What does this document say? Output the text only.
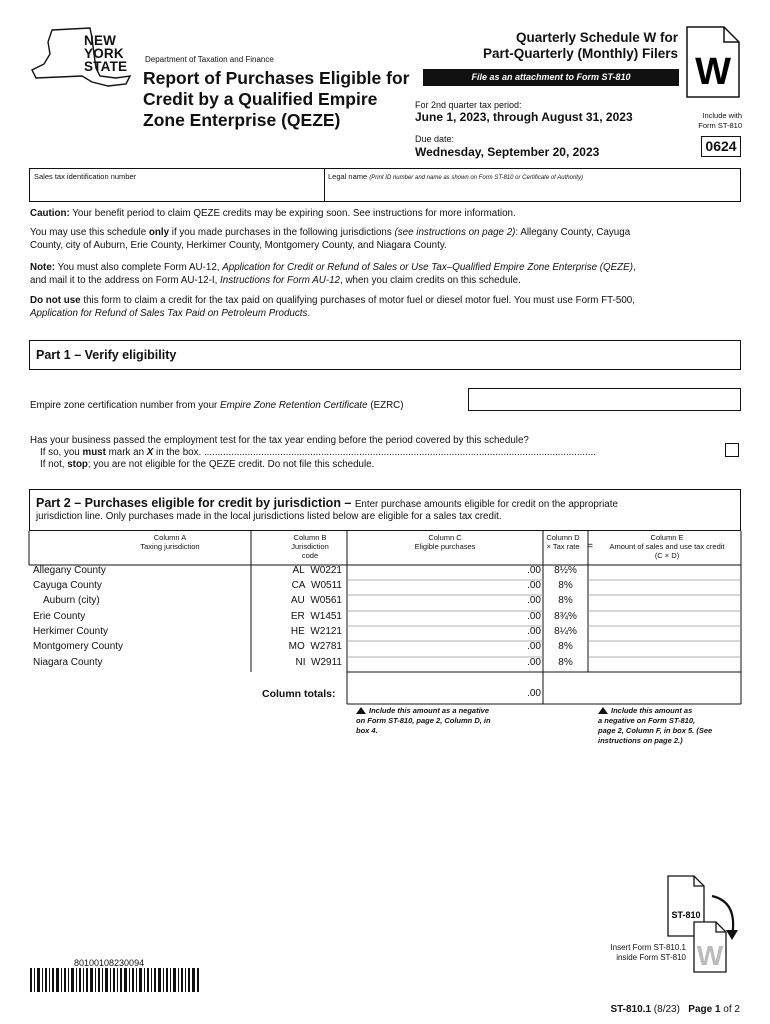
NEW
YORK
STATE Department of Taxation and Finance
Report of Purchases Eligible for
Credit by a Qualified Empire
Zone Enterprise (QEZE)
Quarterly Schedule W for
Part-Quarterly (Monthly) Filers
File as an attachment to Form ST-810
For 2nd quarter tax period:
June 1, 2023, through August 31, 2023
Due date:
Wednesday, September 20, 2023
W
Include with
Form ST-810
0624
Sales tax identification number	Legal name (Print ID number and name as shown on Form ST-810 or Certificate of Authority)
Caution: Your benefit period to claim QEZE credits may be expiring soon. See instructions for more information.
You may use this schedule only if you made purchases in the following jurisdictions (see instructions on page 2): Allegany County, Cayuga
County, city of Auburn, Erie County, Herkimer County, Montgomery County, and Niagara County.
Note: You must also complete Form AU-12, Application for Credit or Refund of Sales or Use Tax–Qualified Empire Zone Enterprise (QEZE),
and mail it to the address on Form AU-12-I, Instructions for Form AU-12, when you claim credits on this schedule.
Do not use this form to claim a credit for the tax paid on qualifying purchases of motor fuel or diesel motor fuel. You must use Form FT-500,
Application for Refund of Sales Tax Paid on Petroleum Products.
Part 1 – Verify eligibility
Empire zone certification number from your Empire Zone Retention Certificate (EZRC)
Has your business passed the employment test for the tax year ending before the period covered by this schedule?
If so, you must mark an X in the box. ................................................................................................................................................
If not, stop; you are not eligible for the QEZE credit. Do not file this schedule.
Part 2 – Purchases eligible for credit by jurisdiction – Enter purchase amounts eligible for credit on the appropriate
jurisdiction line. Only purchases made in the local jurisdictions listed below are eligible for a sales tax credit.
Column A
Taxing jurisdiction
Column B
Jurisdiction
code
Column C
Eligible purchases
Column D
× Tax rate =
Column E
Amount of sales and use tax credit
(C × D)
Allegany County	AL W0221	.00	8½%
Cayuga County	CA W0511	.00	8%
Auburn (city)	AU W0561	.00	8%
Erie County	ER W1451	.00	8¾%
Herkimer County	HE W2121	.00	8¼%
Montgomery County	MO W2781	.00	8%
Niagara County	NI W2911	.00	8%
Column totals:	.00
Include this amount as a negative
on Form ST-810, page 2, Column D, in
box 4.
Include this amount as
a negative on Form ST-810,
page 2, Column F, in box 5. (See
instructions on page 2.)
ST-810
W
Insert Form ST-810.1
inside Form ST-810
80100108230094
ST-810.1 (8/23) Page 1 of 2
